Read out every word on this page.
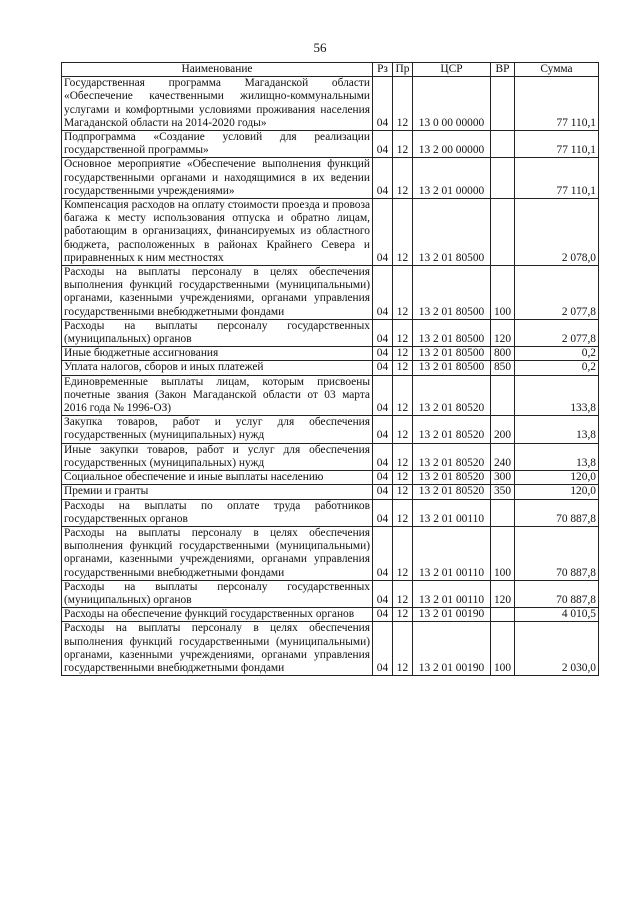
56
Наименование	Рз	Пр	ЦСР	ВР	Сумма
Государственная программа Магаданской области «Обеспечение качественными жилищно-коммунальными услугами и комфортными условиями проживания населения Магаданской области на 2014-2020 годы»	04	12	13 0 00 00000		77 110,1
Подпрограмма «Создание условий для реализации государственной программы»	04	12	13 2 00 00000		77 110,1
Основное мероприятие «Обеспечение выполнения функций государственными органами и находящимися в их ведении государственными учреждениями»	04	12	13 2 01 00000		77 110,1
Компенсация расходов на оплату стоимости проезда и провоза багажа к месту использования отпуска и обратно лицам, работающим в организациях, финансируемых из областного бюджета, расположенных в районах Крайнего Севера и приравненных к ним местностях	04	12	13 2 01 80500		2 078,0
Расходы на выплаты персоналу в целях обеспечения выполнения функций государственными (муниципальными) органами, казенными учреждениями, органами управления государственными внебюджетными фондами	04	12	13 2 01 80500	100	2 077,8
Расходы на выплаты персоналу государственных (муниципальных) органов	04	12	13 2 01 80500	120	2 077,8
Иные бюджетные ассигнования	04	12	13 2 01 80500	800	0,2
Уплата налогов, сборов и иных платежей	04	12	13 2 01 80500	850	0,2
Единовременные выплаты лицам, которым присвоены почетные звания (Закон Магаданской области от 03 марта 2016 года № 1996-ОЗ)	04	12	13 2 01 80520		133,8
Закупка товаров, работ и услуг для обеспечения государственных (муниципальных) нужд	04	12	13 2 01 80520	200	13,8
Иные закупки товаров, работ и услуг для обеспечения государственных (муниципальных) нужд	04	12	13 2 01 80520	240	13,8
Социальное обеспечение и иные выплаты населению	04	12	13 2 01 80520	300	120,0
Премии и гранты	04	12	13 2 01 80520	350	120,0
Расходы на выплаты по оплате труда работников государственных органов	04	12	13 2 01 00110		70 887,8
Расходы на выплаты персоналу в целях обеспечения выполнения функций государственными (муниципальными) органами, казенными учреждениями, органами управления государственными внебюджетными фондами	04	12	13 2 01 00110	100	70 887,8
Расходы на выплаты персоналу государственных (муниципальных) органов	04	12	13 2 01 00110	120	70 887,8
Расходы на обеспечение функций государственных органов	04	12	13 2 01 00190		4 010,5
Расходы на выплаты персоналу в целях обеспечения выполнения функций государственными (муниципальными) органами, казенными учреждениями, органами управления государственными внебюджетными фондами	04	12	13 2 01 00190	100	2 030,0
